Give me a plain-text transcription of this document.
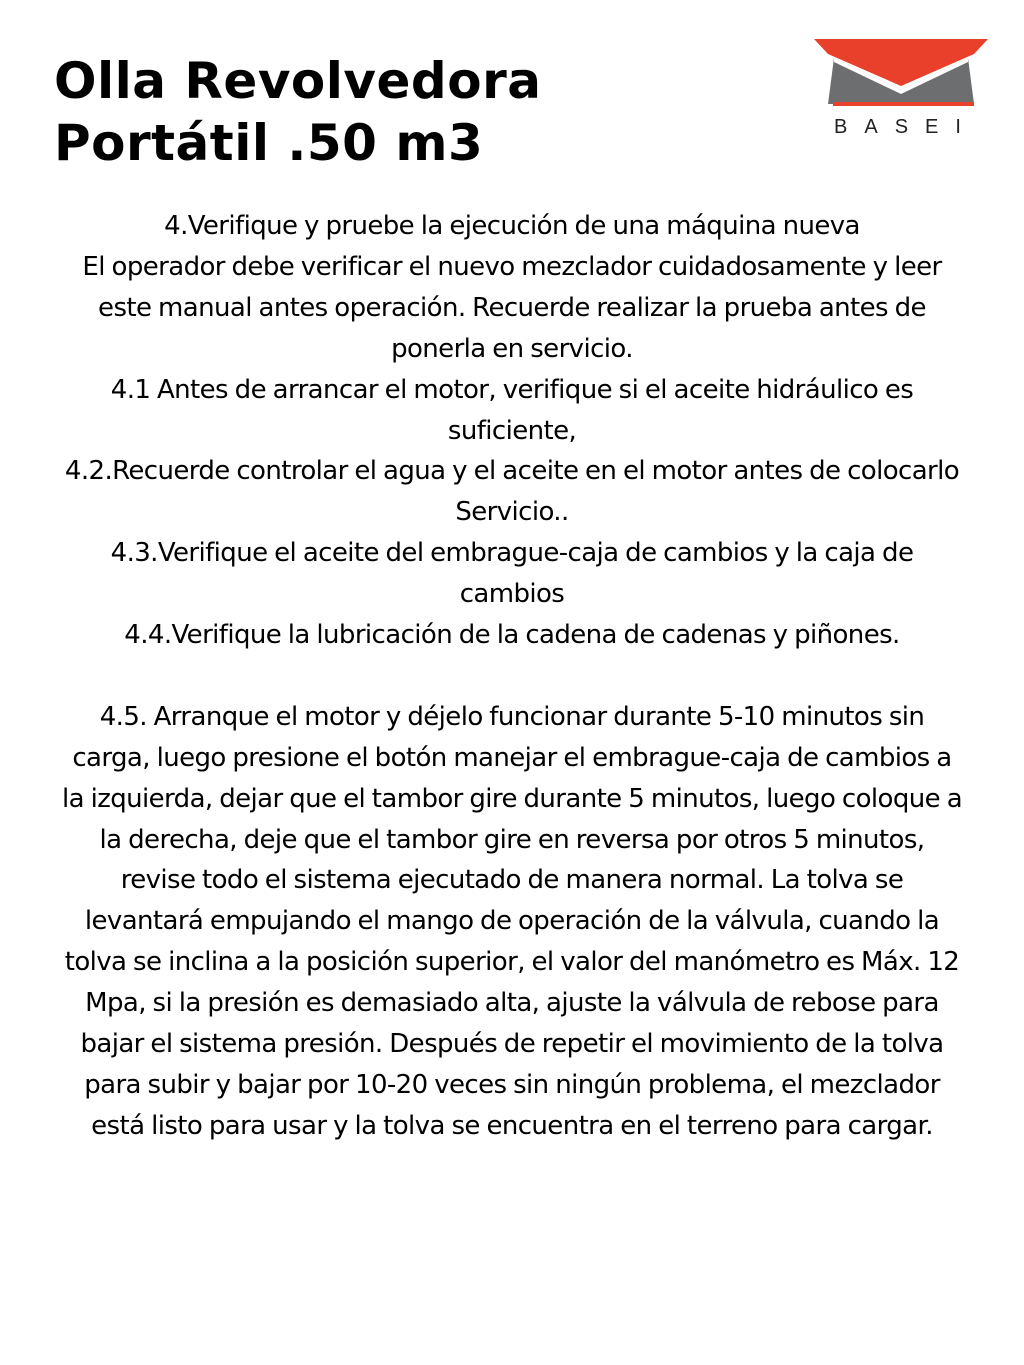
Olla Revolvedora
Portátil .50 m3	BASEI

4.Verifique y pruebe la ejecución de una máquina nueva

El operador debe verificar el nuevo mezclador cuidadosamente y leer este manual antes operación. Recuerde realizar la prueba antes de ponerla en servicio.

4.1 Antes de arrancar el motor, verifique si el aceite hidráulico es suficiente,

4.2.Recuerde controlar el agua y el aceite en el motor antes de colocarlo Servicio..

4.3.Verifique el aceite del embrague-caja de cambios y la caja de cambios

4.4.Verifique la lubricación de la cadena de cadenas y piñones.

4.5. Arranque el motor y déjelo funcionar durante 5-10 minutos sin carga, luego presione el botón manejar el embrague-caja de cambios a la izquierda, dejar que el tambor gire durante 5 minutos, luego coloque a la derecha, deje que el tambor gire en reversa por otros 5 minutos, revise todo el sistema ejecutado de manera normal. La tolva se levantará empujando el mango de operación de la válvula, cuando la tolva se inclina a la posición superior, el valor del manómetro es Máx. 12 Mpa, si la presión es demasiado alta, ajuste la válvula de rebose para bajar el sistema presión. Después de repetir el movimiento de la tolva para subir y bajar por 10-20 veces sin ningún problema, el mezclador está listo para usar y la tolva se encuentra en el terreno para cargar.
